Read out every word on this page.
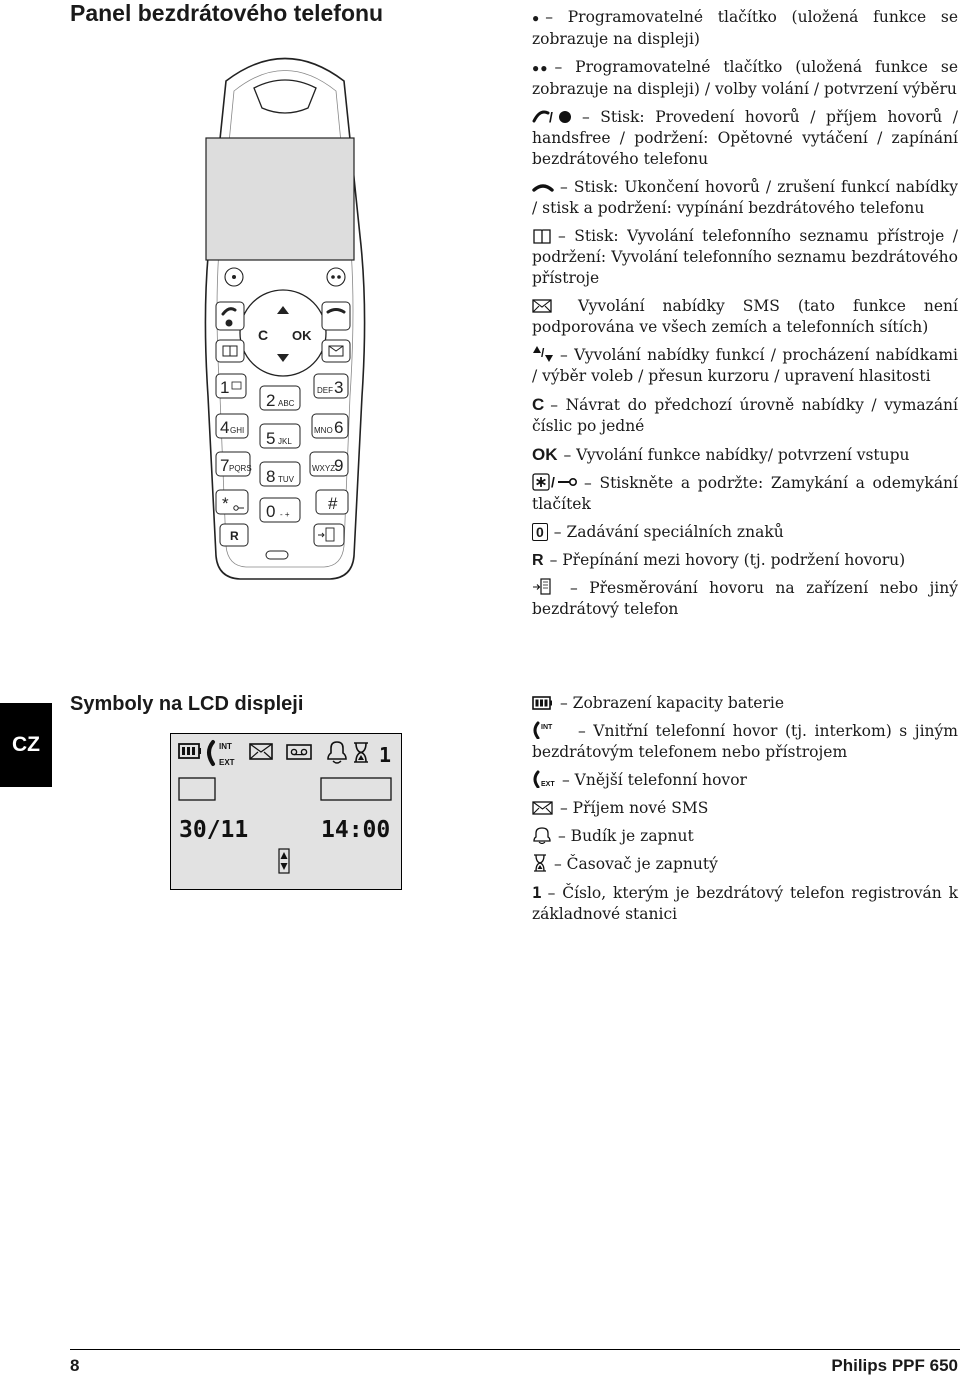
Panel bezdrátového telefonu
C OK
1
2 ABC
DEF 3
4 GHI 5 JKL
MNO 6
7 PQRS 8 TUV
WXYZ
9
* 0 - +
#
R

● – Programovatelné tlačítko (uložená funkce se zobrazuje na displeji)

●● – Programovatelné tlačítko (uložená funkce se zobrazuje na displeji) / volby volání / potvrzení výběru

/ – Stisk: Provedení hovorů / příjem hovorů / handsfree / podržení: Opětovné vytáčení / zapínání bezdrátového telefonu

– Stisk: Ukončení hovorů / zrušení funkcí nabídky / stisk a podržení: vypínání bezdrátového telefonu

– Stisk: Vyvolání telefonního seznamu přístroje / podržení: Vyvolání telefonního seznamu bezdrátového přístroje

Vyvolání nabídky SMS (tato funkce není podporována ve všech zemích a telefonních sítích)

/ – Vyvolání nabídky funkcí / procházení nabídkami / výběr voleb / přesun kurzoru / upravení hlasitosti

C – Návrat do předchozí úrovně nabídky / vymazání číslic po jedné

OK – Vyvolání funkce nabídky/ potvrzení vstupu

/ – Stiskněte a podržte: Zamykání a odemykání tlačítek

0 – Zadávání speciálních znaků

R – Přepínání mezi hovory (tj. podržení hovoru)

– Přesměrování hovoru na zařízení nebo jiný bezdrátový telefon

CZ
Symboly na LCD displeji
INT
EXT	1
30/11	14:00

– Zobrazení kapacity baterie

INT – Vnitřní telefonní hovor (tj. interkom) s jiným bezdrátovým telefonem nebo přístrojem

EXT – Vnější telefonní hovor

– Příjem nové SMS

– Budík je zapnut

– Časovač je zapnutý

1 – Číslo, kterým je bezdrátový telefon registrován k základnové stanici

8	Philips PPF 650
